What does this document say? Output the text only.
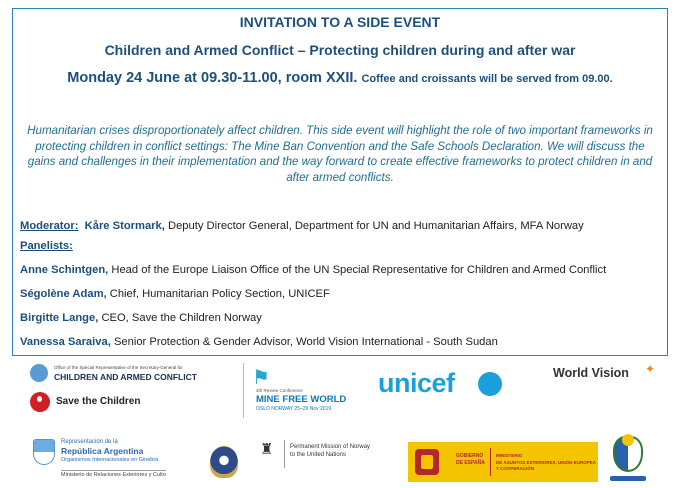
INVITATION TO A SIDE EVENT
Children and Armed Conflict – Protecting children during and after war
Monday 24 June at 09.30-11.00, room XXII. Coffee and croissants will be served from 09.00.
Humanitarian crises disproportionately affect children. This side event will highlight the role of two important frameworks in protecting children in conflict settings: The Mine Ban Convention and the Safe Schools Declaration. We will discuss the gains and challenges in their implementation and the way forward to create effective frameworks to protect children in and after armed conflicts.
Moderator: Kåre Stormark, Deputy Director General, Department for UN and Humanitarian Affairs, MFA Norway
Panelists:
Anne Schintgen, Head of the Europe Liaison Office of the UN Special Representative for Children and Armed Conflict
Ségolène Adam, Chief, Humanitarian Policy Section, UNICEF
Birgitte Lange, CEO, Save the Children Norway
Vanessa Saraiva, Senior Protection & Gender Advisor, World Vision International - South Sudan
Office of the Special Representative of the Secretary-General for
CHILDREN AND ARMED CONFLICT
Save the Children
⚑
4th Review Conference
MINE FREE WORLD
OSLO NORWAY 25–29 Nov 2019
unicef	World Vision ✦
Representación de la
República Argentina
Organismos Internacionales en Ginebra
Ministerio de Relaciones Exteriores y Culto
♜	Permanent Mission of Norway
to the United Nations	GOBIERNO
DE ESPAÑA
MINISTERIO
DE ASUNTOS EXTERIORES, UNIÓN EUROPEA
Y COOPERACIÓN
